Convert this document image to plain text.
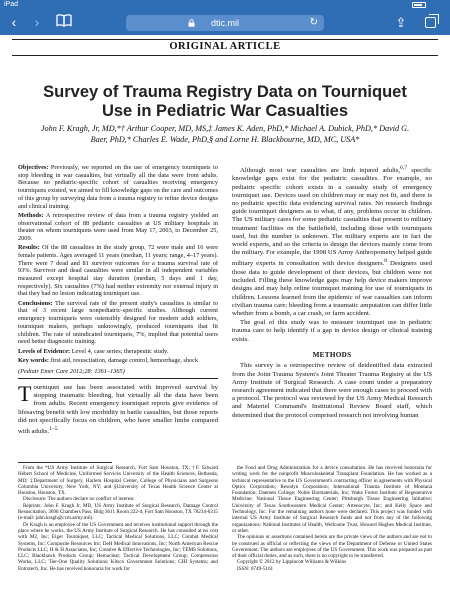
iPad
‹	›	dtic.mil	↻	⇪
ORIGINAL ARTICLE
Survey of Trauma Registry Data on Tourniquet Use in Pediatric War Casualties
John F. Kragh, Jr, MD,*† Arthur Cooper, MD, MS,‡ James K. Aden, PhD,* Michael A. Dubick, PhD,* David G. Baer, PhD,* Charles E. Wade, PhD,§ and Lorne H. Blackbourne, MD, MC, USA*

Objectives: Previously, we reported on the use of emergency tourniquets to stop bleeding in war casualties, but virtually all the data were from adults. Because no pediatric-specific cohort of casualties receiving emergency tourniquets existed, we aimed to fill knowledge gaps on the care and outcomes of this group by surveying data from a trauma registry to refine device designs and clinical training.

Methods: A retrospective review of data from a trauma registry yielded an observational cohort of 88 pediatric casualties at US military hospitals in theater on whom tourniquets were used from May 17, 2003, to December 25, 2009.

Results: Of the 88 casualties in the study group, 72 were male and 16 were female patients. Ages averaged 11 years (median, 11 years; range, 4–17 years). There were 7 dead and 81 survivor outcomes for a trauma survival rate of 93%. Survivor and dead casualties were similar in all independent variables measured except hospital stay duration (median, 5 days and 1 day, respectively). Six casualties (7%) had neither extremity nor external injury in that they had no lesion indicating tourniquet use.

Conclusions: The survival rate of the present study's casualties is similar to that of 3 recent large nonpediatric-specific studies. Although current emergency tourniquets were ostensibly designed for modern adult soldiers, tourniquet makers, perhaps unknowingly, produced tourniquets that fit children. The rate of unindicated tourniquets, 7%, implied that potential users need better diagnostic training.

Levels of Evidence: Level 4, case series; therapeutic study.

Key words: first aid, resuscitation, damage control, hemorrhage, shock

(Pediatr Emer Care 2012;28: 1361–1365)
Tourniquet use has been associated with improved survival by stopping traumatic bleeding, but virtually all the data have been from adults. Recent emergency tourniquet reports give evidence of lifesaving benefit with low morbidity in battle casualties, but those reports did not specifically focus on children, who have smaller limbs compared with adults.$^{1-5}$

Although most war casualties are limb injured adults,$^{6,7}$ specific knowledge gaps exist for the pediatric casualties. For example, no pediatric specific cohort exists in a casualty study of emergency tourniquet use. Devices used on children may or may not fit, and there is no pediatric specific data evidencing survival rates. No research findings guide tourniquet designers as to what, if any, problems occur in children. The US military cares for some pediatric casualties that present to military treatment facilities on the battlefield, including those with tourniquets used, but the number is unknown. The military experts are in fact the world experts, and so the criteria to design the devices mainly come from the military. For example, the 1998 US Army Anthropometry helped guide military experts in consultation with device designers.$^8$ Designers used those data to guide development of their devices, but children were not included. Filling these knowledge gaps may help device makers improve designs and may help refine tourniquet training for use of tourniquets in children. Lessons learned from the epidemic of war casualties can inform civilian trauma care; bleeding from a traumatic amputation can differ little whether from a bomb, a car crash, or farm accident.

The goal of this study was to measure tourniquet use in pediatric trauma care to help identify if a gap in device design or clinical training exists.

METHODS

This survey is a retrospective review of deidentified data extracted from the Joint Trauma System's Joint Theater Trauma Registry at the US Army Institute of Surgical Research. A case count under a preparatory research agreement indicated that there were enough cases to proceed with a protocol. The protocol was reviewed by the US Army Medical Research and Materiel Command's Institutional Review Board staff, which determined that the protocol comprised research not involving human

From the *US Army Institute of Surgical Research, Fort Sam Houston, TX; †F. Edward Hébert School of Medicine, Uniformed Services University of the Health Sciences, Bethesda, MD; ‡Department of Surgery, Harlem Hospital Center, College of Physicians and Surgeons Columbia University, New York, NY; and §University of Texas Health Science Center at Houston, Houston, TX.

Disclosure: The authors declare no conflict of interest.

Reprints: John F. Kragh Jr, MD, US Army Institute of Surgical Research, Damage Control Resuscitation, 3698 Chambers Pass, Bldg 3611 Room 222-4, Fort Sam Houston, TX 78234-6315 (e-mail: john.kragh@ccm.army.mil).

Dr Kragh is an employee of the US Government and receives institutional support through the place where he works, the US Army Institute of Surgical Research. He has consulted at no cost with M2, Inc; Eiger Tourniquet, LLC; Tactical Medical Solutions, LLC; Combat Medical Systems, Inc; Composite Resources Inc; DeH Medical Innovations, Inc; North American Rescue Products LLC; H & H Associates, Inc; Creative & Effective Technologies, Inc; TEMS Solutions, LLC; Blackhawk Products Group; Hemaclear; Tactical Development Group; Compression Works, LLC; Tier-One Quality Solutions; Kitsco Government Solutions; CHI Systems; and Entrotech, Inc. He has received honoraria for work for

the Food and Drug Administration for a device consultation. He has received honoraria for writing work for the nonprofit Musculoskeletal Transplant Foundation. He has worked as a technical representative to the US Government's contracting officer in agreements with Physical Optics Corporation; Resodyn Corporation; International Trauma Institute of Montana Foundation; Daemen College; Noble Biomaterials, Inc; Wake Forest Institute of Regenerative Medicine; National Tissue Engineering Center; Pittsburgh Tissue Engineering Initiative; University of Texas Southwestern Medical Center; Artenocyte, Inc; and Kelly Space and Technology, Inc. For the remaining authors none were declared. This project was funded with internal US Army Institute of Surgical Research funds and not from any of the following organizations: National Institutes of Health, Wellcome Trust, Howard Hughes Medical Institute, or other.

The opinions or assertions contained herein are the private views of the authors and are not to be construed as official or reflecting the views of the Department of Defense or United States Government. The authors are employees of the US Government. This work was prepared as part of their official duties, and as such, there is no copyright to be transferred.

Copyright © 2012 by Lippincott Williams & Wilkins

ISSN: 0749-5161
